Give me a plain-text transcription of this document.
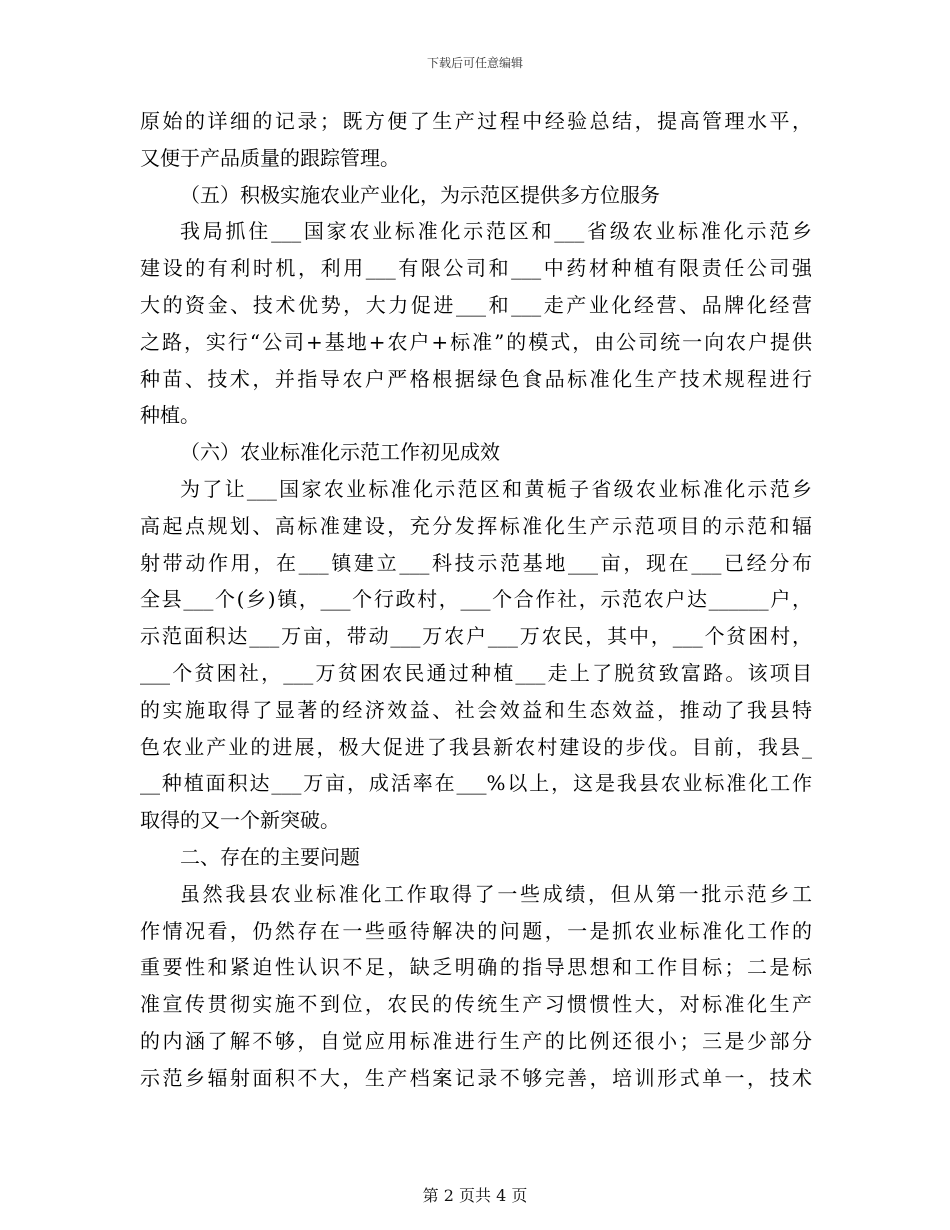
下载后可任意编辑
原始的详细的记录；既方便了生产过程中经验总结，提高管理水平，
又便于产品质量的跟踪管理。
（五）积极实施农业产业化，为示范区提供多方位服务
我局抓住___国家农业标准化示范区和___省级农业标准化示范乡
建设的有利时机，利用___有限公司和___中药材种植有限责任公司强
大的资金、技术优势，大力促进___和___走产业化经营、品牌化经营
之路，实行“公司+基地+农户+标准”的模式，由公司统一向农户提供
种苗、技术，并指导农户严格根据绿色食品标准化生产技术规程进行
种植。
（六）农业标准化示范工作初见成效
为了让___国家农业标准化示范区和黄栀子省级农业标准化示范乡
高起点规划、高标准建设，充分发挥标准化生产示范项目的示范和辐
射带动作用，在___镇建立___科技示范基地___亩，现在___已经分布
全县___个(乡)镇，___个行政村，___个合作社，示范农户达______户，
示范面积达___万亩，带动___万农户___万农民，其中，___个贫困村，
___个贫困社，___万贫困农民通过种植___走上了脱贫致富路。该项目
的实施取得了显著的经济效益、社会效益和生态效益，推动了我县特
色农业产业的进展，极大促进了我县新农村建设的步伐。目前，我县_
__种植面积达___万亩，成活率在___%以上，这是我县农业标准化工作
取得的又一个新突破。
二、存在的主要问题
虽然我县农业标准化工作取得了一些成绩，但从第一批示范乡工
作情况看，仍然存在一些亟待解决的问题，一是抓农业标准化工作的
重要性和紧迫性认识不足，缺乏明确的指导思想和工作目标；二是标
准宣传贯彻实施不到位，农民的传统生产习惯惯性大，对标准化生产
的内涵了解不够，自觉应用标准进行生产的比例还很小；三是少部分
示范乡辐射面积不大，生产档案记录不够完善，培训形式单一，技术
第 2 页共 4 页
